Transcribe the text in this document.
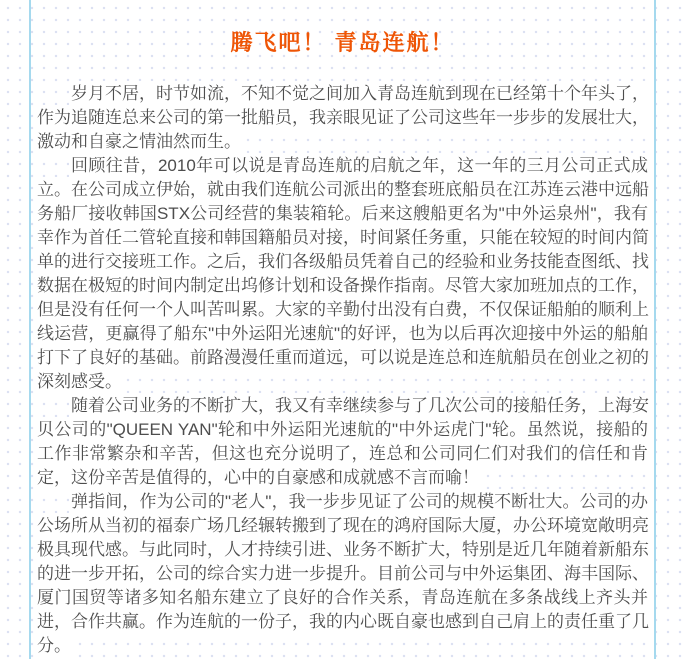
腾飞吧！ 青岛连航！

岁月不居，时节如流，不知不觉之间加入青岛连航到现在已经第十个年头了，作为追随连总来公司的第一批船员，我亲眼见证了公司这些年一步步的发展壮大，激动和自豪之情油然而生。

回顾往昔，2010年可以说是青岛连航的启航之年，这一年的三月公司正式成立。在公司成立伊始，就由我们连航公司派出的整套班底船员在江苏连云港中远船务船厂接收韩国STX公司经营的集装箱轮。后来这艘船更名为"中外运泉州"，我有幸作为首任二管轮直接和韩国籍船员对接，时间紧任务重，只能在较短的时间内简单的进行交接班工作。之后，我们各级船员凭着自己的经验和业务技能查图纸、找数据在极短的时间内制定出坞修计划和设备操作指南。尽管大家加班加点的工作，但是没有任何一个人叫苦叫累。大家的辛勤付出没有白费，不仅保证船舶的顺利上线运营，更赢得了船东"中外运阳光速航"的好评，也为以后再次迎接中外运的船舶打下了良好的基础。前路漫漫任重而道远，可以说是连总和连航船员在创业之初的深刻感受。

随着公司业务的不断扩大，我又有幸继续参与了几次公司的接船任务，上海安贝公司的"QUEEN YAN"轮和中外运阳光速航的"中外运虎门"轮。虽然说，接船的工作非常繁杂和辛苦，但这也充分说明了，连总和公司同仁们对我们的信任和肯定，这份辛苦是值得的，心中的自豪感和成就感不言而喻！

弹指间，作为公司的"老人"，我一步步见证了公司的规模不断壮大。公司的办公场所从当初的福泰广场几经辗转搬到了现在的鸿府国际大厦，办公环境宽敞明亮极具现代感。与此同时，人才持续引进、业务不断扩大，特别是近几年随着新船东的进一步开拓，公司的综合实力进一步提升。目前公司与中外运集团、海丰国际、厦门国贸等诸多知名船东建立了良好的合作关系，青岛连航在多条战线上齐头并进，合作共赢。作为连航的一份子，我的内心既自豪也感到自己肩上的责任重了几分。
